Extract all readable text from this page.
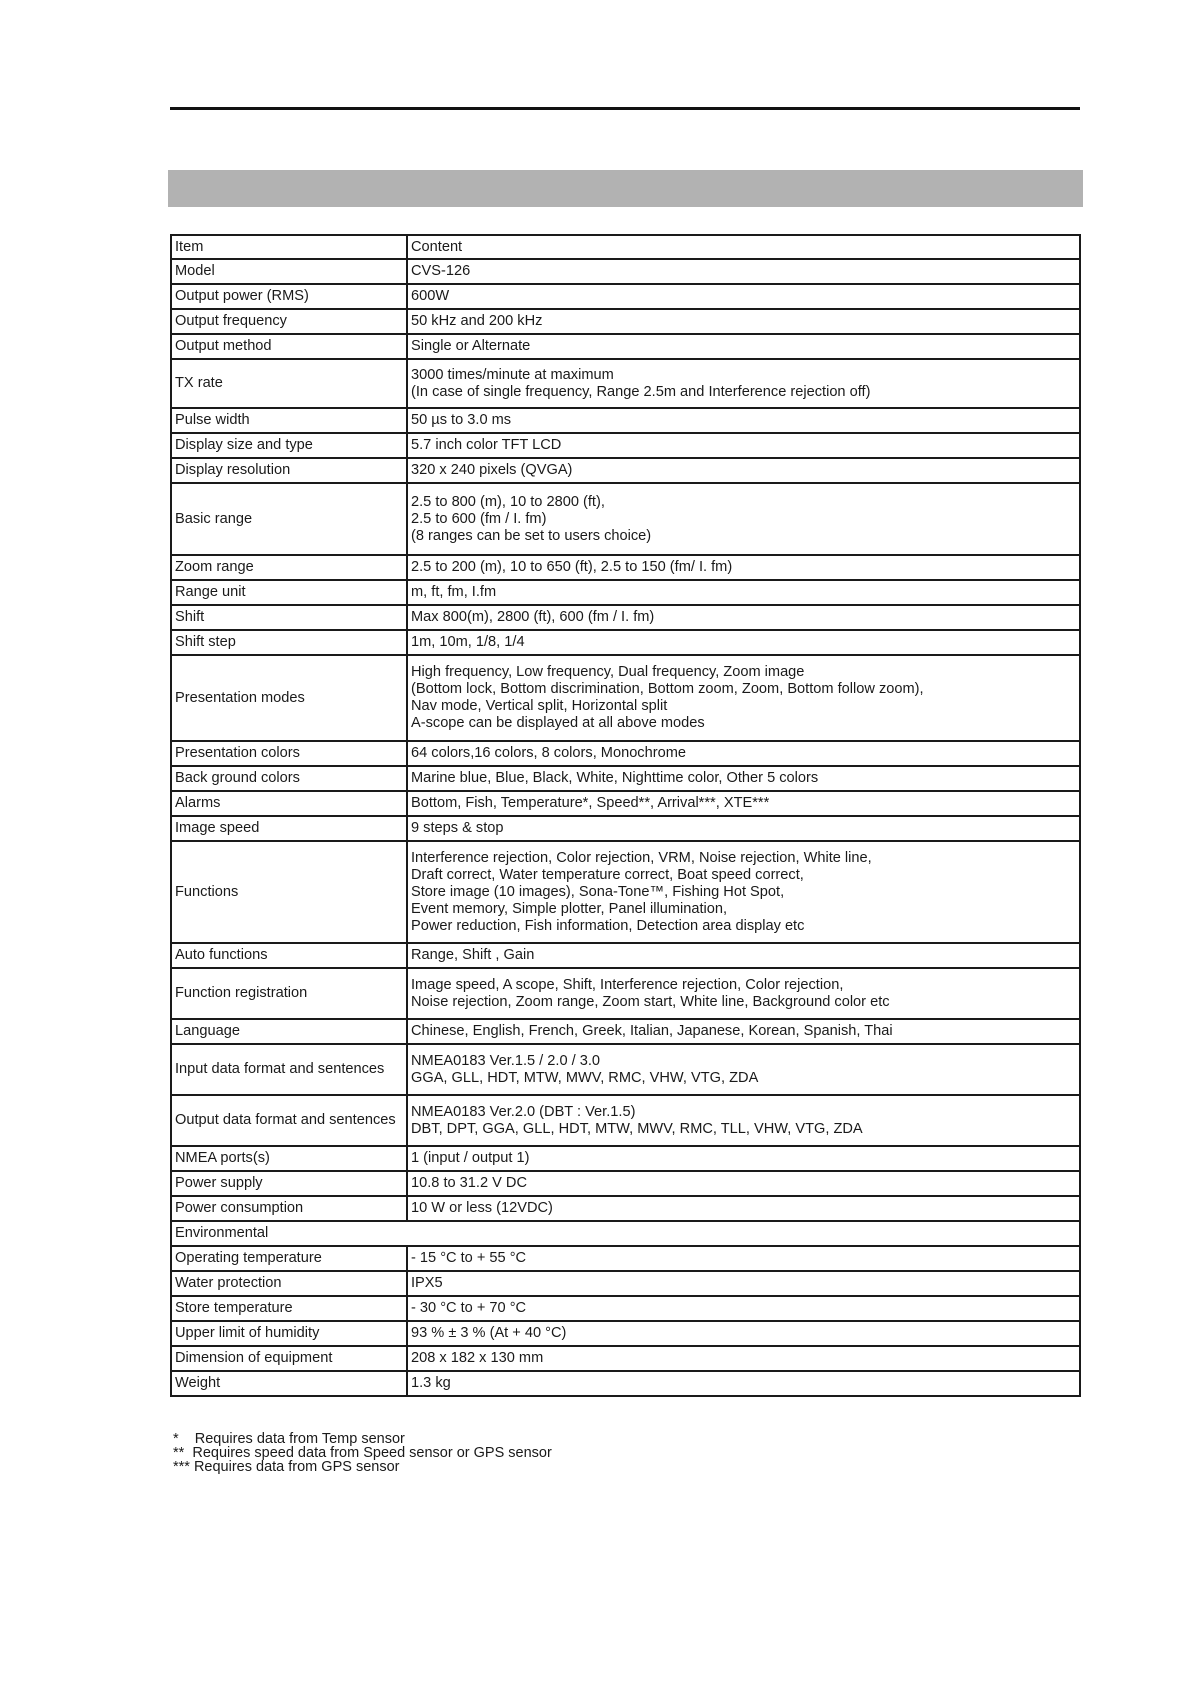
Item	Content
Model	CVS-126
Output power (RMS)	600W
Output frequency	50 kHz and 200 kHz
Output method	Single or Alternate
TX rate	3000 times/minute at maximum
(In case of single frequency, Range 2.5m and Interference rejection off)
Pulse width	50 µs to 3.0 ms
Display size and type	5.7 inch color TFT LCD
Display resolution	320 x 240 pixels (QVGA)
Basic range	2.5 to 800 (m), 10 to 2800 (ft),
2.5 to 600 (fm / I. fm)
(8 ranges can be set to users choice)
Zoom range	2.5 to 200 (m), 10 to 650 (ft), 2.5 to 150 (fm/ I. fm)
Range unit	m, ft, fm, I.fm
Shift	Max 800(m), 2800 (ft), 600 (fm / I. fm)
Shift step	1m, 10m, 1/8, 1/4
Presentation modes	High frequency, Low frequency, Dual frequency, Zoom image
(Bottom lock, Bottom discrimination, Bottom zoom, Zoom, Bottom follow zoom),
Nav mode, Vertical split, Horizontal split
A-scope can be displayed at all above modes
Presentation colors	64 colors,16 colors, 8 colors, Monochrome
Back ground colors	Marine blue, Blue, Black, White, Nighttime color, Other 5 colors
Alarms	Bottom, Fish, Temperature*, Speed**, Arrival***, XTE***
Image speed	9 steps & stop
Functions	Interference rejection, Color rejection, VRM, Noise rejection, White line,
Draft correct, Water temperature correct, Boat speed correct,
Store image (10 images), Sona-Tone™, Fishing Hot Spot,
Event memory, Simple plotter, Panel illumination,
Power reduction, Fish information, Detection area display etc
Auto functions	Range, Shift , Gain
Function registration	Image speed, A scope, Shift, Interference rejection, Color rejection,
Noise rejection, Zoom range, Zoom start, White line, Background color etc
Language	Chinese, English, French, Greek, Italian, Japanese, Korean, Spanish, Thai
Input data format and sentences	NMEA0183 Ver.1.5 / 2.0 / 3.0
GGA, GLL, HDT, MTW, MWV, RMC, VHW, VTG, ZDA
Output data format and sentences	NMEA0183 Ver.2.0 (DBT : Ver.1.5)
DBT, DPT, GGA, GLL, HDT, MTW, MWV, RMC, TLL, VHW, VTG, ZDA
NMEA ports(s)	1 (input / output 1)
Power supply	10.8 to 31.2 V DC
Power consumption	10 W or less (12VDC)
Environmental	
Operating temperature	- 15 °C to + 55 °C
Water protection	IPX5
Store temperature	- 30 °C to + 70 °C
Upper limit of humidity	93 % ± 3 % (At + 40 °C)
Dimension of equipment	208 x 182 x 130 mm
Weight	1.3 kg
*    Requires data from Temp sensor
**  Requires speed data from Speed sensor or GPS sensor
*** Requires data from GPS sensor
